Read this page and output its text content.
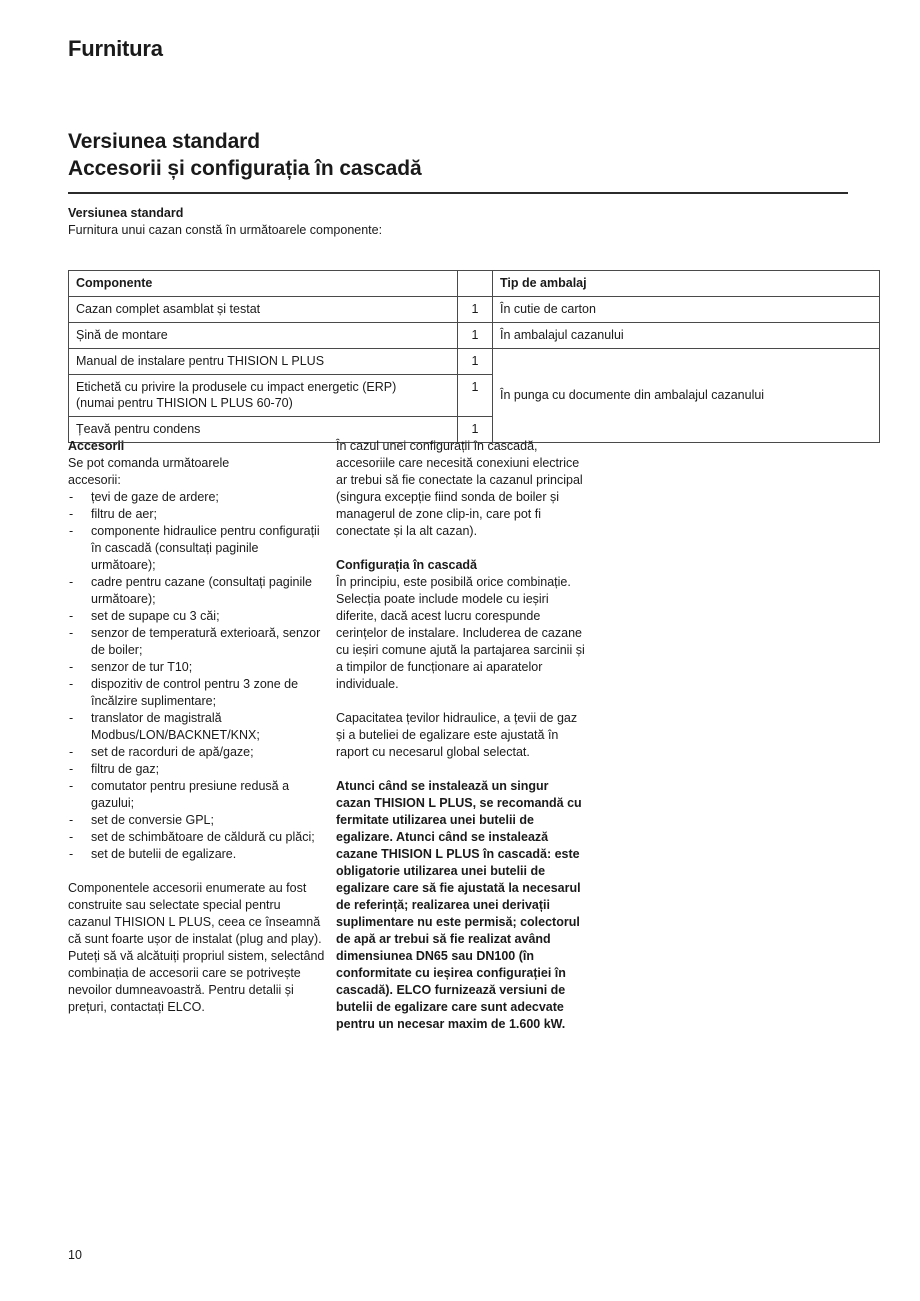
Furnitura
Versiunea standard
Accesorii și configurația în cascadă
Versiunea standard
Furnitura unui cazan constă în următoarele componente:
Componente		Tip de ambalaj
Cazan complet asamblat și testat	1	În cutie de carton
Șină de montare	1	În ambalajul cazanului
Manual de instalare pentru THISION L PLUS	1	În punga cu documente din ambalajul cazanului
Etichetă cu privire la produsele cu impact energetic (ERP)
(numai pentru THISION L PLUS 60-70)	1	
Țeavă pentru condens	1	
Accesorii
Se pot comanda următoarele
accesorii:
- țevi de gaze de ardere;
- filtru de aer;
- componente hidraulice pentru configurații în cascadă (consultați paginile următoare);
- cadre pentru cazane (consultați paginile următoare);
- set de supape cu 3 căi;
- senzor de temperatură exterioară, senzor de boiler;
- senzor de tur T10;
- dispozitiv de control pentru 3 zone de încălzire suplimentare;
- translator de magistrală Modbus/LON/BACKNET/KNX;
- set de racorduri de apă/gaze;
- filtru de gaz;
- comutator pentru presiune redusă a gazului;
- set de conversie GPL;
- set de schimbătoare de căldură cu plăci;
- set de butelii de egalizare.
Componentele accesorii enumerate au fost construite sau selectate special pentru cazanul THISION L PLUS, ceea ce înseamnă că sunt foarte ușor de instalat (plug and play). Puteți să vă alcătuiți propriul sistem, selectând combinația de accesorii care se potrivește nevoilor dumneavoastră. Pentru detalii și prețuri, contactați ELCO.
În cazul unei configurații în cascadă, accesoriile care necesită conexiuni electrice ar trebui să fie conectate la cazanul principal (singura excepție fiind sonda de boiler și managerul de zone clip-in, care pot fi conectate și la alt cazan).
Configurația în cascadă
În principiu, este posibilă orice combinație. Selecția poate include modele cu ieșiri diferite, dacă acest lucru corespunde cerințelor de instalare. Includerea de cazane cu ieșiri comune ajută la partajarea sarcinii și a timpilor de funcționare ai aparatelor individuale.
Capacitatea țevilor hidraulice, a țevii de gaz și a buteliei de egalizare este ajustată în raport cu necesarul global selectat.
Atunci când se instalează un singur cazan THISION L PLUS, se recomandă cu fermitate utilizarea unei butelii de egalizare. Atunci când se instalează cazane THISION L PLUS în cascadă: este obligatorie utilizarea unei butelii de egalizare care să fie ajustată la necesarul de referință; realizarea unei derivații suplimentare nu este permisă; colectorul de apă ar trebui să fie realizat având dimensiunea DN65 sau DN100 (în conformitate cu ieșirea configurației în cascadă). ELCO furnizează versiuni de butelii de egalizare care sunt adecvate pentru un necesar maxim de 1.600 kW.
10
